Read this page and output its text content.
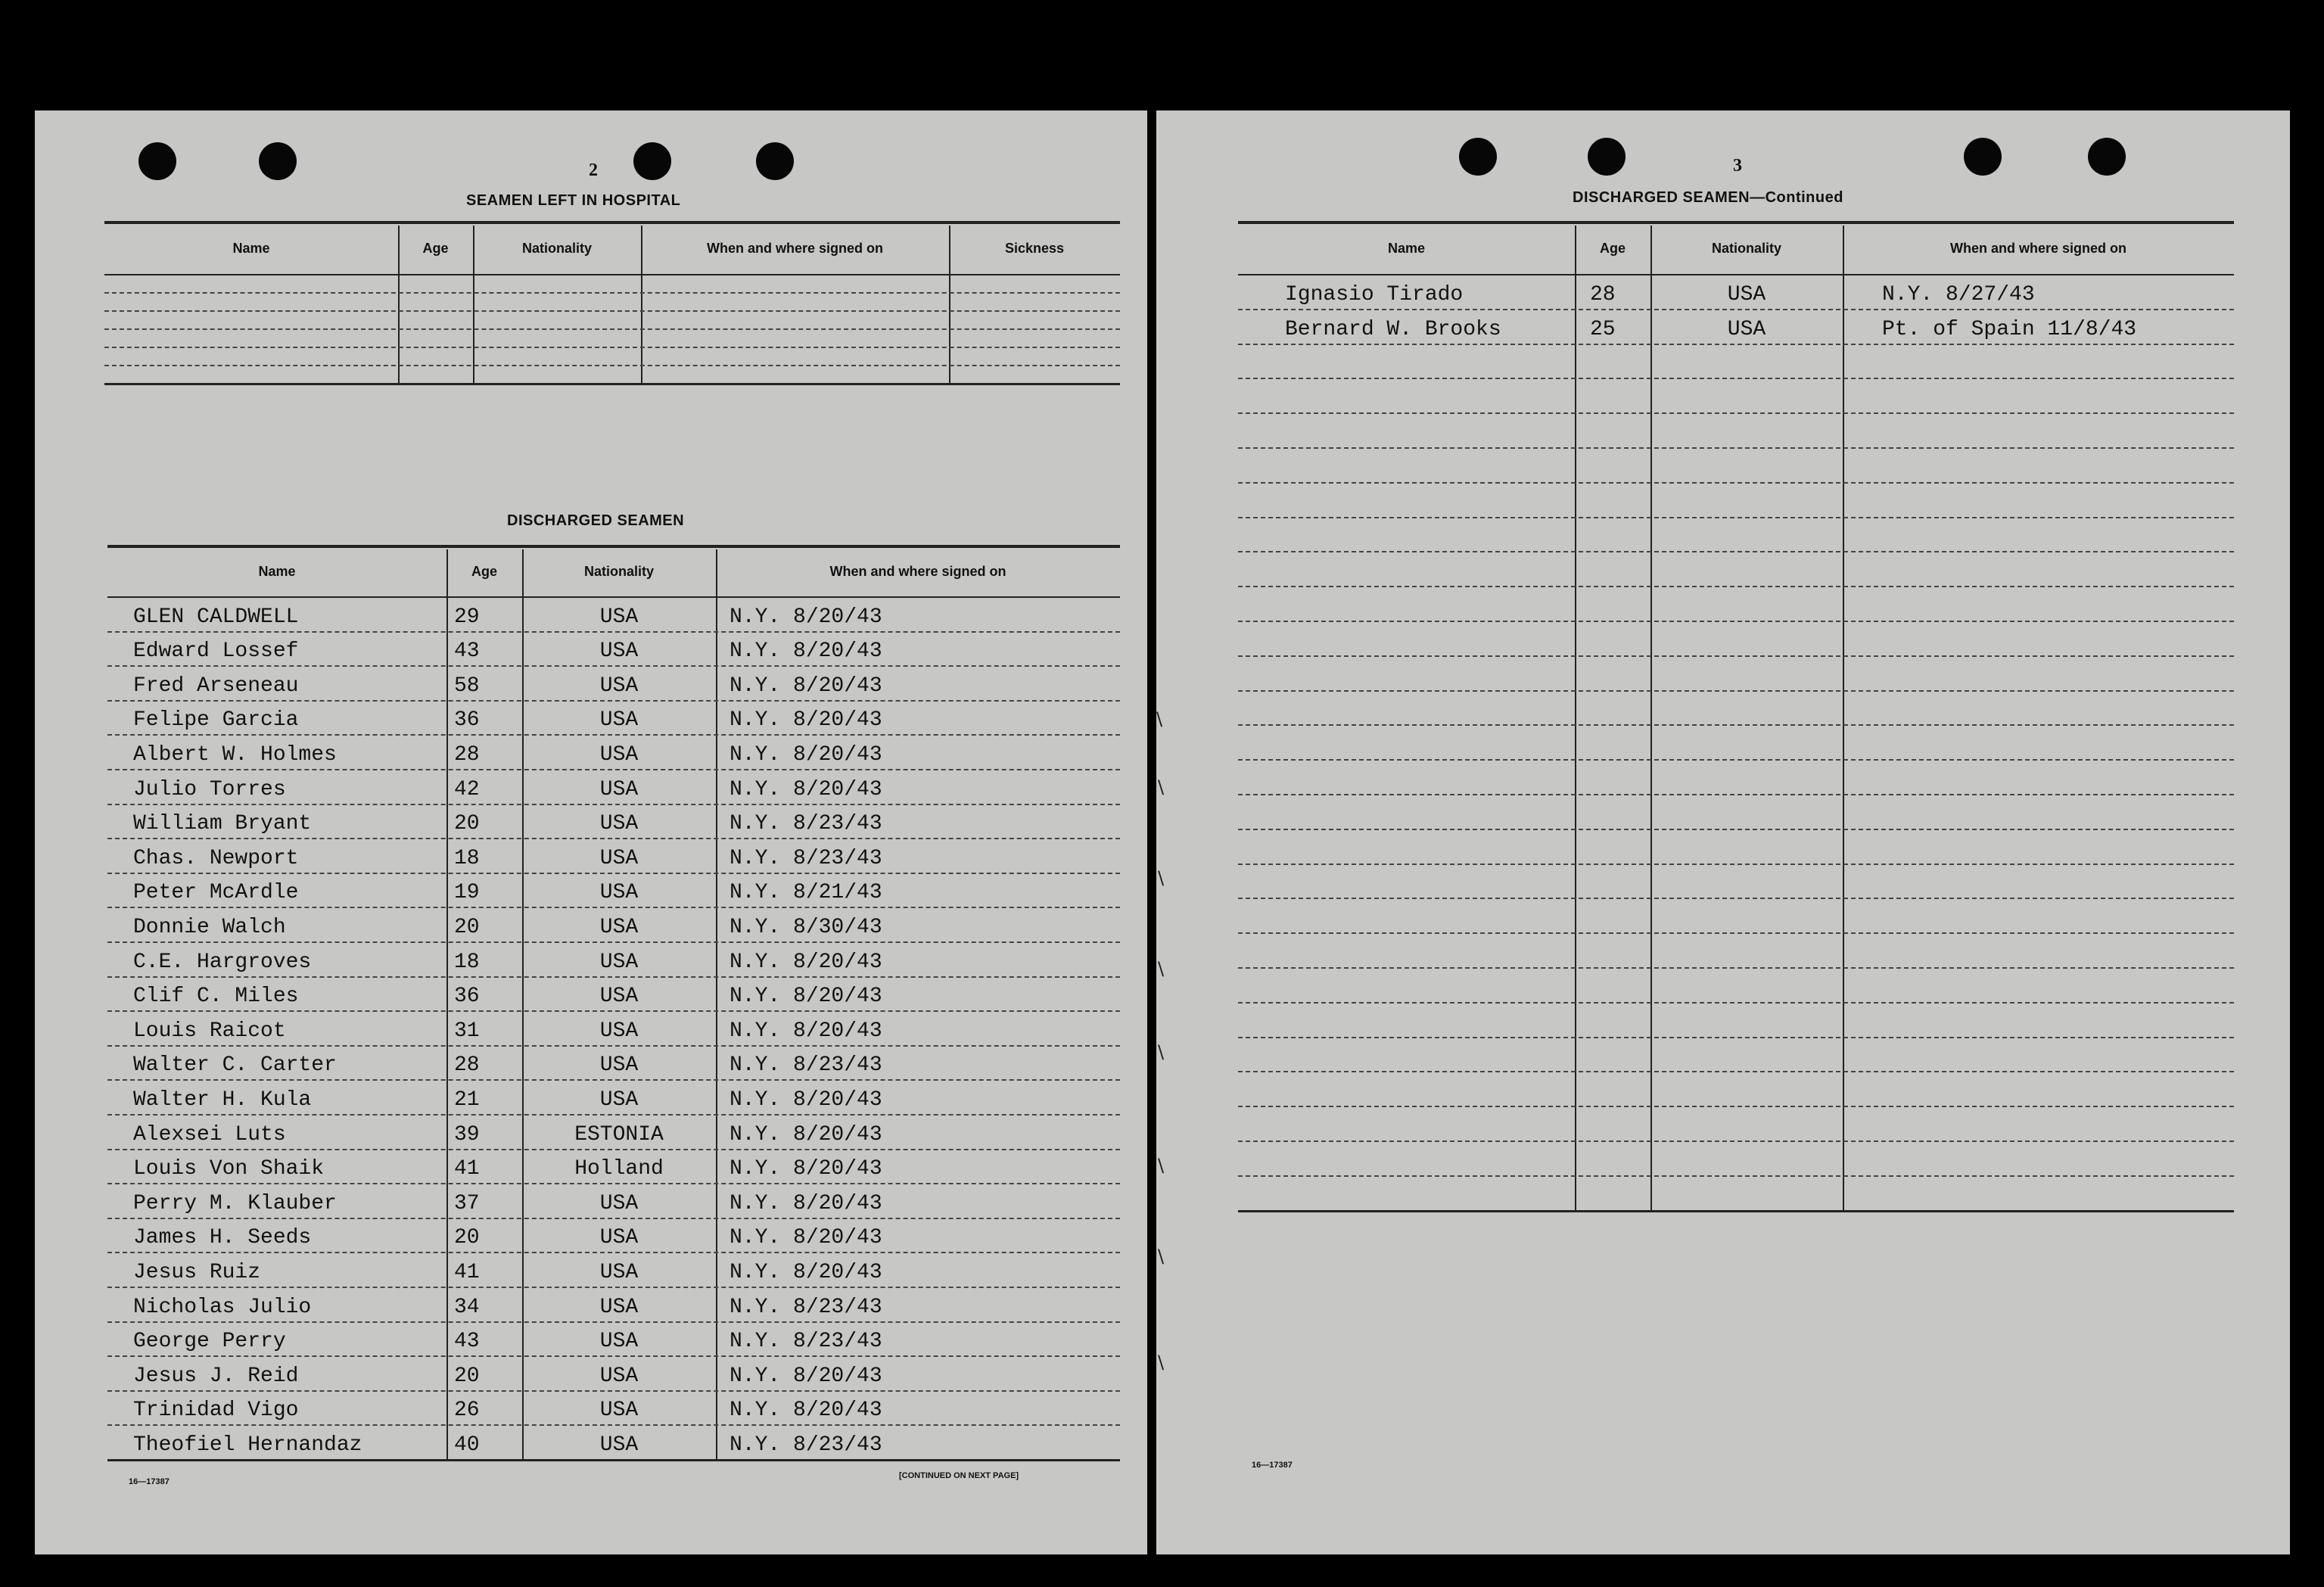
2
SEAMEN LEFT IN HOSPITAL
Name	Age	Nationality	When and where signed on	Sickness
DISCHARGED SEAMEN
Name	Age	Nationality	When and where signed on
GLEN CALDWELL	29	USA	N.Y. 8/20/43
Edward Lossef	43	USA	N.Y. 8/20/43
Fred Arseneau	58	USA	N.Y. 8/20/43
Felipe Garcia	36	USA	N.Y. 8/20/43
Albert W. Holmes	28	USA	N.Y. 8/20/43
Julio Torres	42	USA	N.Y. 8/20/43
William Bryant	20	USA	N.Y. 8/23/43
Chas. Newport	18	USA	N.Y. 8/23/43
Peter McArdle	19	USA	N.Y. 8/21/43
Donnie Walch	20	USA	N.Y. 8/30/43
C.E. Hargroves	18	USA	N.Y. 8/20/43
Clif C. Miles	36	USA	N.Y. 8/20/43
Louis Raicot	31	USA	N.Y. 8/20/43
Walter C. Carter	28	USA	N.Y. 8/23/43
Walter H. Kula	21	USA	N.Y. 8/20/43
Alexsei Luts	39	ESTONIA	N.Y. 8/20/43
Louis Von Shaik	41	Holland	N.Y. 8/20/43
Perry M. Klauber	37	USA	N.Y. 8/20/43
James H. Seeds	20	USA	N.Y. 8/20/43
Jesus Ruiz	41	USA	N.Y. 8/20/43
Nicholas Julio	34	USA	N.Y. 8/23/43
George Perry	43	USA	N.Y. 8/23/43
Jesus J. Reid	20	USA	N.Y. 8/20/43
Trinidad Vigo	26	USA	N.Y. 8/20/43
Theofiel Hernandaz	40	USA	N.Y. 8/23/43
16—17387
[CONTINUED ON NEXT PAGE]
3
DISCHARGED SEAMEN—Continued
Name	Age	Nationality	When and where signed on
Ignasio Tirado	28	USA	N.Y. 8/27/43
Bernard W. Brooks	25	USA	Pt. of Spain 11/8/43
16—17387
\
\
\
\
\
\
\
\
